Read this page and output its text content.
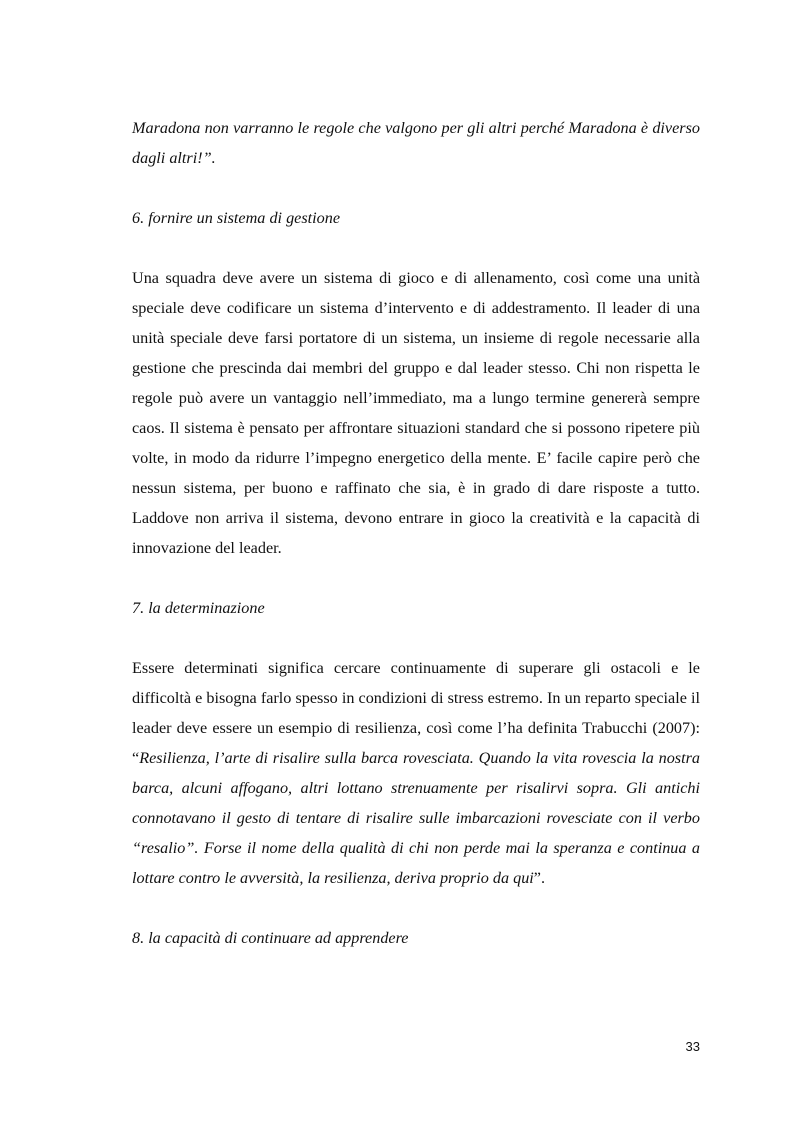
Maradona non varranno le regole che valgono per gli altri perché Maradona è diverso dagli altri!”.

6. fornire un sistema di gestione

Una squadra deve avere un sistema di gioco e di allenamento, così come una unità speciale deve codificare un sistema d’intervento e di addestramento. Il leader di una unità speciale deve farsi portatore di un sistema, un insieme di regole necessarie alla gestione che prescinda dai membri del gruppo e dal leader stesso. Chi non rispetta le regole può avere un vantaggio nell’immediato, ma a lungo termine genererà sempre caos. Il sistema è pensato per affrontare situazioni standard che si possono ripetere più volte, in modo da ridurre l’impegno energetico della mente. E’ facile capire però che nessun sistema, per buono e raffinato che sia, è in grado di dare risposte a tutto. Laddove non arriva il sistema, devono entrare in gioco la creatività e la capacità di innovazione del leader.

7. la determinazione

Essere determinati significa cercare continuamente di superare gli ostacoli e le difficoltà e bisogna farlo spesso in condizioni di stress estremo. In un reparto speciale il leader deve essere un esempio di resilienza, così come l’ha definita Trabucchi (2007): “Resilienza, l’arte di risalire sulla barca rovesciata. Quando la vita rovescia la nostra barca, alcuni affogano, altri lottano strenuamente per risalirvi sopra. Gli antichi connotavano il gesto di tentare di risalire sulle imbarcazioni rovesciate con il verbo “resalio”. Forse il nome della qualità di chi non perde mai la speranza e continua a lottare contro le avversità, la resilienza, deriva proprio da qui”.

8. la capacità di continuare ad apprendere

33
